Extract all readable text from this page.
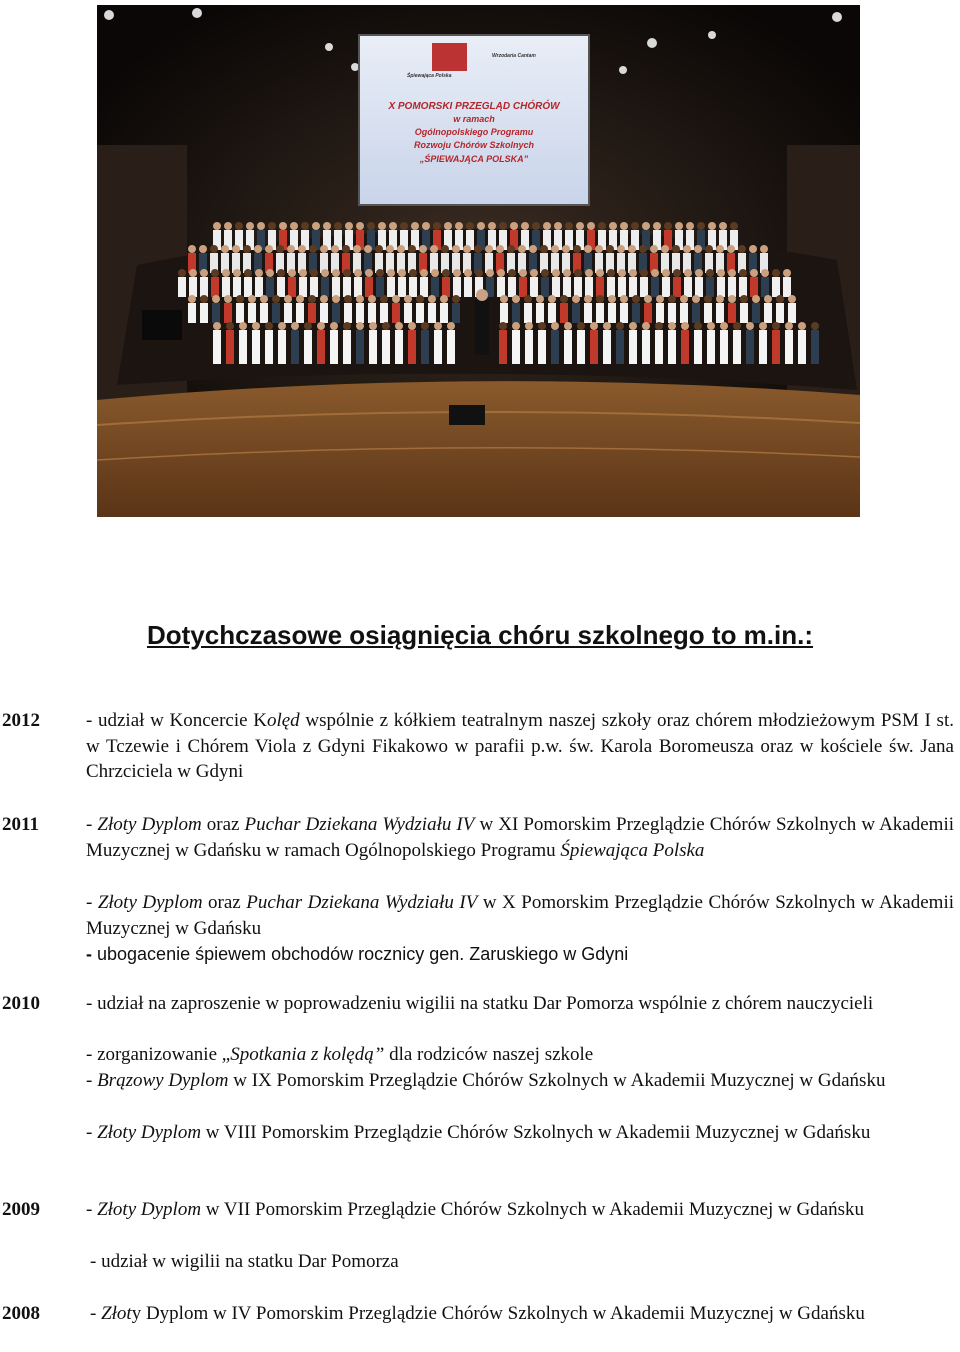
Śpiewająca Polska
Wrzodaria Cantam
X POMORSKI PRZEGLĄD CHÓRÓW
w ramach
Ogólnopolskiego Programu
Rozwoju Chórów Szkolnych
„ŚPIEWAJĄCA POLSKA”
Dotychczasowe osiągnięcia chóru szkolnego to m.in.:
2012 - udział w Koncercie Kolęd wspólnie z kółkiem teatralnym naszej szkoły oraz chórem młodzieżowym PSM I st. w Tczewie i Chórem Viola z Gdyni Fikakowo w parafii p.w. św. Karola Boromeusza oraz w kościele św. Jana Chrzciciela w Gdyni

2011 - Złoty Dyplom oraz Puchar Dziekana Wydziału IV w XI Pomorskim Przeglądzie Chórów Szkolnych w Akademii Muzycznej w Gdańsku w ramach Ogólnopolskiego Programu Śpiewająca Polska

- Złoty Dyplom oraz Puchar Dziekana Wydziału IV w X Pomorskim Przeglądzie Chórów Szkolnych w Akademii Muzycznej w Gdańsku

- ubogacenie śpiewem obchodów rocznicy gen. Zaruskiego w Gdyni

2010 - udział na zaproszenie w poprowadzeniu wigilii na statku Dar Pomorza wspólnie z chórem nauczycieli

- zorganizowanie „Spotkania z kolędą” dla rodziców naszej szkole

- Brązowy Dyplom w IX Pomorskim Przeglądzie Chórów Szkolnych w Akademii Muzycznej w Gdańsku

- Złoty Dyplom w VIII Pomorskim Przeglądzie Chórów Szkolnych w Akademii Muzycznej w Gdańsku

2009 - Złoty Dyplom w VII Pomorskim Przeglądzie Chórów Szkolnych w Akademii Muzycznej w Gdańsku

- udział w wigilii na statku Dar Pomorza

2008	- Złoty Dyplom w IV Pomorskim Przeglądzie Chórów Szkolnych w Akademii Muzycznej w Gdańsku
